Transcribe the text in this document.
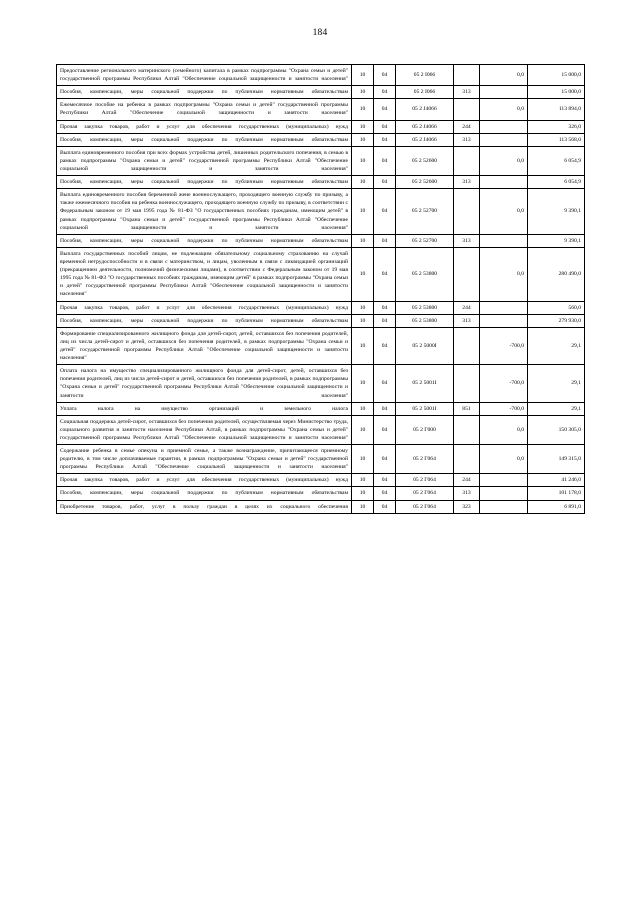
184
Предоставление регионального материнского (семейного) капитала в рамках подпрограммы "Охрана семьи и детей" государственной программы Республики Алтай "Обеспечение социальной защищенности и занятости населения"	10	04	05 2 I066		0,0	15 000,0
Пособия, компенсации, меры социальной поддержки по публичным нормативным обязательствам	10	04	05 2 I066	313		15 000,0
Ежемесячное пособие на ребенка в рамках подпрограммы "Охрана семьи и детей" государственной программы Республики Алтай "Обеспечение социальной защищенности и занятости населения"	10	04	05 2 J4066		0,0	113 894,0
Прочая закупка товаров, работ и услуг для обеспечения государственных (муниципальных) нужд	10	04	05 2 J4066	244		326,0
Пособия, компенсации, меры социальной поддержки по публичным нормативным обязательствам	10	04	05 2 J4066	313		113 568,0
Выплата единовременного пособия при всех формах устройства детей, лишенных родительского попечения, в семью в рамках подпрограммы "Охрана семьи и детей" государственной программы Республики Алтай "Обеспечение социальной защищенности и занятости населения"	10	04	05 2 52600		0,0	6 054,9
Пособия, компенсации, меры социальной поддержки по публичным нормативным обязательствам	10	04	05 2 52600	313		6 054,9
Выплата единовременного пособия беременной жене военнослужащего, проходящего военную службу по призыву, а также ежемесячного пособия на ребенка военнослужащего, проходящего военную службу по призыву, в соответствии с Федеральным законом от 19 мая 1995 года № 81-ФЗ "О государственных пособиях гражданам, имеющим детей" в рамках подпрограммы "Охрана семьи и детей" государственной программы Республики Алтай "Обеспечение социальной защищенности и занятости населения"	10	04	05 2 52700		0,0	9 390,1
Пособия, компенсации, меры социальной поддержки по публичным нормативным обязательствам	10	04	05 2 52700	313		9 390,1
Выплата государственных пособий лицам, не подлежащим обязательному социальному страхованию на случай временной нетрудоспособности и в связи с материнством, и лицам, уволенным в связи с ликвидацией организаций (прекращением деятельности, полномочий физическими лицами), в соответствии с Федеральным законом от 19 мая 1995 года № 81-ФЗ "О государственных пособиях гражданам, имеющим детей" в рамках подпрограммы "Охрана семьи и детей" государственной программы Республики Алтай "Обеспечение социальной защищенности и занятости населения"	10	04	05 2 53800		0,0	280 490,0
Прочая закупка товаров, работ и услуг для обеспечения государственных (муниципальных) нужд	10	04	05 2 53800	244		560,0
Пособия, компенсации, меры социальной поддержки по публичным нормативным обязательствам	10	04	05 2 53800	313		279 930,0
Формирование специализированного жилищного фонда для детей-сирот, детей, оставшихся без попечения родителей, лиц из числа детей-сирот и детей, оставшихся без попечения родителей, в рамках подпрограммы "Охрана семьи и детей" государственной программы Республики Алтай "Обеспечение социальной защищенности и занятости населения"	10	04	05 2 5000I		-700,0	29,1
Оплата налога на имущество специализированного жилищного фонда для детей-сирот, детей, оставшихся без попечения родителей, лиц из числа детей-сирот и детей, оставшихся без попечения родителей, в рамках подпрограммы "Охрана семьи и детей" государственной программы Республики Алтай "Обеспечение социальной защищенности и занятости населения"	10	04	05 2 5001I		-700,0	29,1
Уплата налога на имущество организаций и земельного налога	10	04	05 2 5001I	851	-700,0	29,1
Социальная поддержка детей-сирот, оставшихся без попечения родителей, осуществляемая через Министерство труда, социального развития и занятости населения Республики Алтай, в рамках подпрограммы "Охрана семьи и детей" государственной программы Республики Алтай "Обеспечение социальной защищенности и занятости населения"	10	04	05 2 Г000		0,0	150 305,0
Содержание ребенка в семье опекуна и приемной семье, а также вознаграждение, причитающееся приемному родителю, в том числе доплачиваемые гарантии, в рамках подпрограммы "Охрана семьи и детей" государственной программы Республики Алтай "Обеспечение социальной защищенности и занятости населения"	10	04	05 2 Г064		0,0	149 315,0
Прочая закупка товаров, работ и услуг для обеспечения государственных (муниципальных) нужд	10	04	05 2 Г064	244		41 246,0
Пособия, компенсации, меры социальной поддержки по публичным нормативным обязательствам	10	04	05 2 Г064	313		101 178,0
Приобретение товаров, работ, услуг в пользу граждан в целях их социального обеспечения	10	04	05 2 Г064	323		6 891,0
